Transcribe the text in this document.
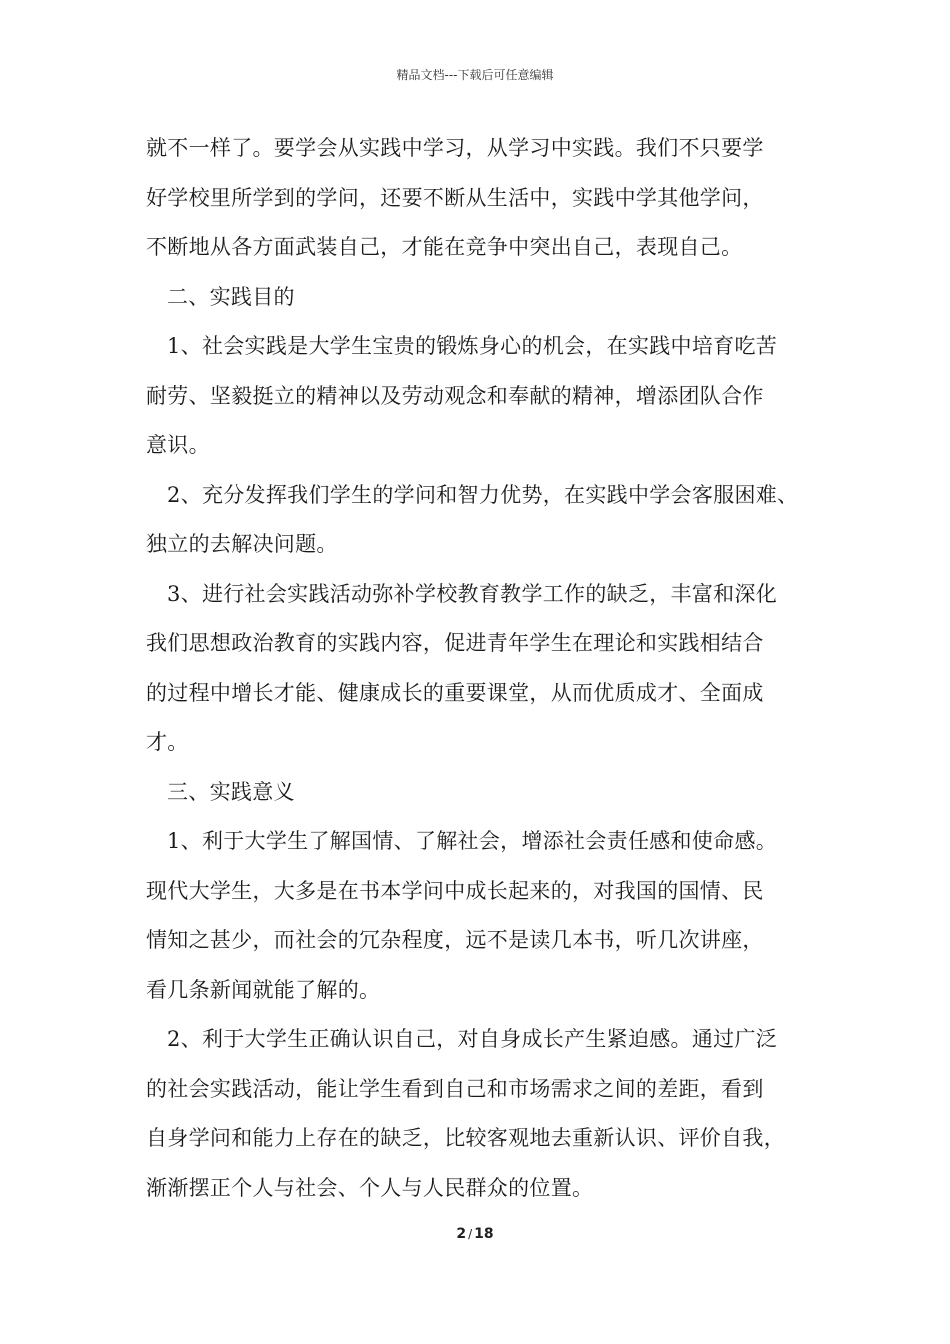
精品文档---下载后可任意编辑
就不一样了。要学会从实践中学习，从学习中实践。我们不只要学
好学校里所学到的学问，还要不断从生活中，实践中学其他学问，
不断地从各方面武装自己，才能在竞争中突出自己，表现自己。
二、实践目的
1、社会实践是大学生宝贵的锻炼身心的机会，在实践中培育吃苦
耐劳、坚毅挺立的精神以及劳动观念和奉献的精神，增添团队合作
意识。
2、充分发挥我们学生的学问和智力优势，在实践中学会客服困难、
独立的去解决问题。
3、进行社会实践活动弥补学校教育教学工作的缺乏，丰富和深化
我们思想政治教育的实践内容，促进青年学生在理论和实践相结合
的过程中增长才能、健康成长的重要课堂，从而优质成才、全面成
才。
三、实践意义
1、利于大学生了解国情、了解社会，增添社会责任感和使命感。
现代大学生，大多是在书本学问中成长起来的，对我国的国情、民
情知之甚少，而社会的冗杂程度，远不是读几本书，听几次讲座，
看几条新闻就能了解的。
2、利于大学生正确认识自己，对自身成长产生紧迫感。通过广泛
的社会实践活动，能让学生看到自己和市场需求之间的差距，看到
自身学问和能力上存在的缺乏，比较客观地去重新认识、评价自我，
渐渐摆正个人与社会、个人与人民群众的位置。
2 / 18
